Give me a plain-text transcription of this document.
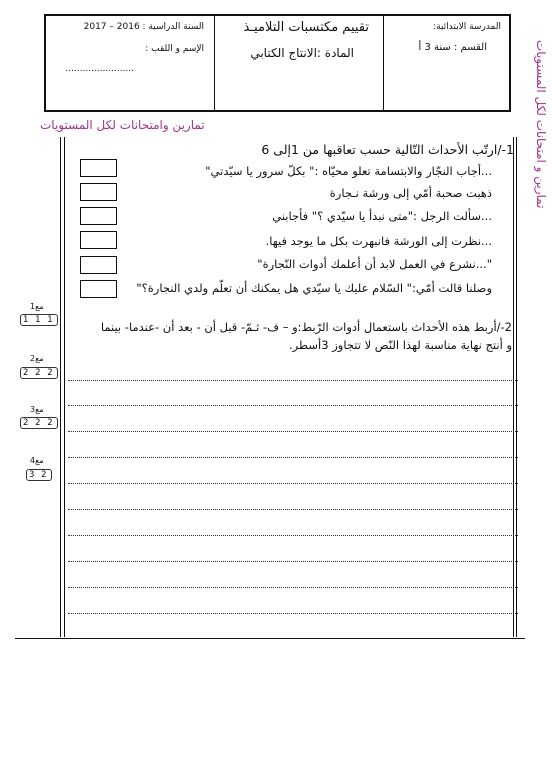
المدرسة الابتدائية:
القسم : سنة 3 أ
تقييم مكتسبات التلاميـذ
المادة :الانتاج الكتابي
السنة الدراسية : 2016 – 2017
الإسم و اللقب :
........................	تمارين و امتحانات لكل المستويات
تمارين وامتحانات لكل المستويات
1-/ارتّب الأحداث التّالية حسب تعاقبها من 1إلى 6
...أجاب النجّار والابتسامة تعلو محيّاه :" بكلّ سرور يا سيّدتي"
ذهبت صحبة أمّي إلى ورشة نـجارة
...سألت الرجل :"متى نبدأ يا سيّدي ؟" فأجابني
...نظرت إلى الورشة فانبهرت بكل ما يوجد فيها.
"...نشرع في العمل لابد أن أعلمك أدوات النّجارة"
وصلنا قالت أمّي:" السّلام عليك يا سيّدي هل يمكنك أن تعلّم ولدي النجارة؟"
2-/أربط هذه الأحداث باستعمال أدوات الرّبط:و – ف- ثـمّ- قبل أن - بعد أن -عندما- بينما
و أنتج نهاية مناسبة لهذا النّص لا تتجاوز 3أسطر.
مع1
1 1 1
مع2
2 2 2
مع3
2 2 2
مع4
3 2
